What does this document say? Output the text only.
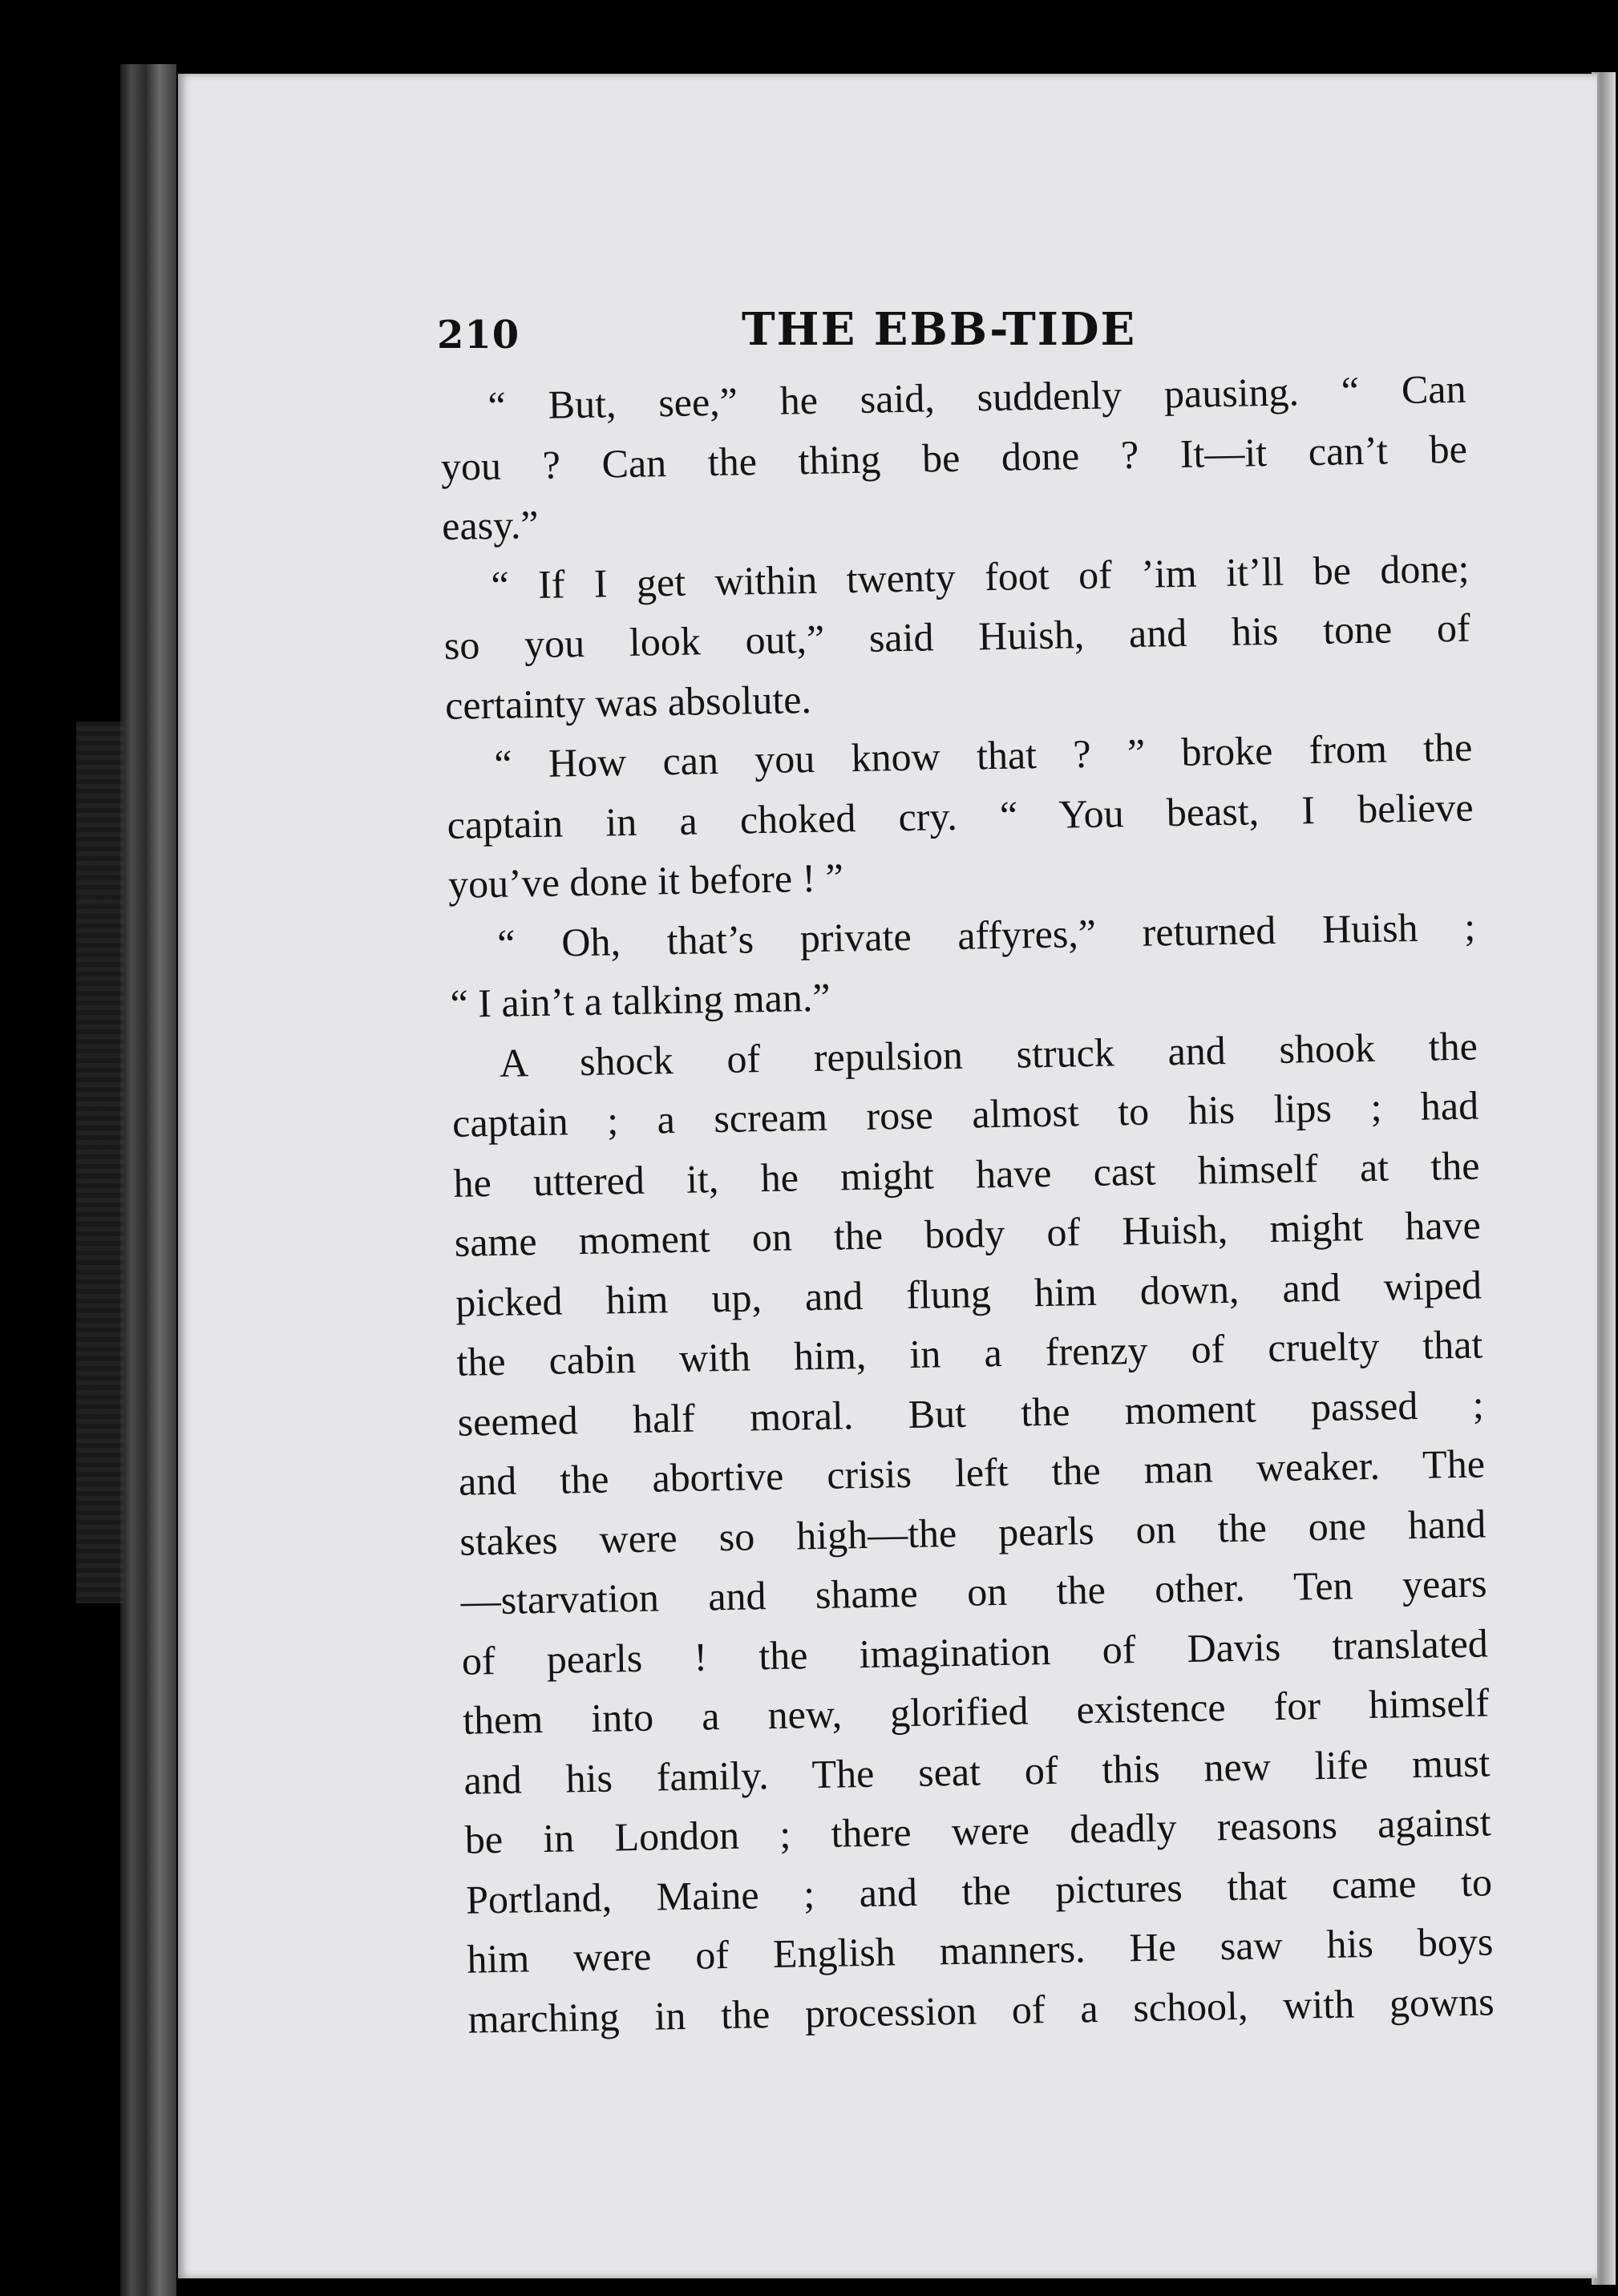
210	THE EBB-TIDE
“ But, see,” he said, suddenly pausing. “ Can
you ? Can the thing be done ? It—it can’t be
easy.”
“ If I get within twenty foot of ’im it’ll be done;
so you look out,” said Huish, and his tone of
certainty was absolute.
“ How can you know that ? ” broke from the
captain in a choked cry. “ You beast, I believe
you’ve done it before ! ”
“ Oh, that’s private affyres,” returned Huish ;
“ I ain’t a talking man.”
A shock of repulsion struck and shook the
captain ; a scream rose almost to his lips ; had
he uttered it, he might have cast himself at the
same moment on the body of Huish, might have
picked him up, and flung him down, and wiped
the cabin with him, in a frenzy of cruelty that
seemed half moral. But the moment passed ;
and the abortive crisis left the man weaker. The
stakes were so high—the pearls on the one hand
—starvation and shame on the other. Ten years
of pearls ! the imagination of Davis translated
them into a new, glorified existence for himself
and his family. The seat of this new life must
be in London ; there were deadly reasons against
Portland, Maine ; and the pictures that came to
him were of English manners. He saw his boys
marching in the procession of a school, with gowns
